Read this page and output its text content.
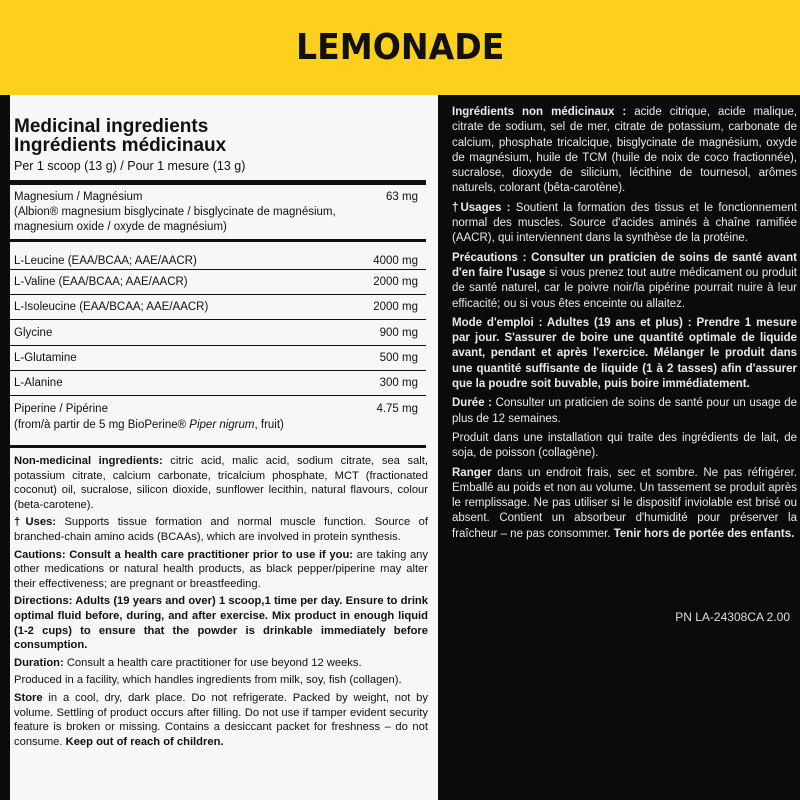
LEMONADE
Medicinal ingredients
Ingrédients médicinaux
Per 1 scoop (13 g) / Pour 1 mesure (13 g)
Magnesium / Magnésium	63 mg
(Albion® magnesium bisglycinate / bisglycinate de magnésium,
magnesium oxide / oxyde de magnésium)
L-Leucine (EAA/BCAA; AAE/AACR)	4000 mg
L-Valine (EAA/BCAA; AAE/AACR)	2000 mg
L-Isoleucine (EAA/BCAA; AAE/AACR)	2000 mg
Glycine	900 mg
L-Glutamine	500 mg
L-Alanine	300 mg
Piperine / Pipérine	4.75 mg
(from/à partir de 5 mg BioPerine® Piper nigrum , fruit)

Non-medicinal ingredients: citric acid, malic acid, sodium citrate, sea salt, potassium citrate, calcium carbonate, tricalcium phosphate, MCT (fractionated coconut) oil, sucralose, silicon dioxide, sunflower lecithin, natural flavours, colour (beta-carotene).

†Uses: Supports tissue formation and normal muscle function. Source of branched-chain amino acids (BCAAs), which are involved in protein synthesis.

Cautions: Consult a health care practitioner prior to use if you: are taking any other medications or natural health products, as black pepper/piperine may alter their effectiveness; are pregnant or breastfeeding.

Directions: Adults (19 years and over) 1 scoop,1 time per day. Ensure to drink optimal fluid before, during, and after exercise. Mix product in enough liquid (1-2 cups) to ensure that the powder is drinkable immediately before consumption.

Duration: Consult a health care practitioner for use beyond 12 weeks.

Produced in a facility, which handles ingredients from milk, soy, fish (collagen).

Store in a cool, dry, dark place. Do not refrigerate. Packed by weight, not by volume. Settling of product occurs after filling. Do not use if tamper evident security feature is broken or missing. Contains a desiccant packet for freshness – do not consume. Keep out of reach of children.

Ingrédients non médicinaux : acide citrique, acide malique, citrate de sodium, sel de mer, citrate de potassium, carbonate de calcium, phosphate tricalcique, bisglycinate de magnésium, oxyde de magnésium, huile de TCM (huile de noix de coco fractionnée), sucralose, dioxyde de silicium, lécithine de tournesol, arômes naturels, colorant (bêta-carotène).

†Usages : Soutient la formation des tissus et le fonctionnement normal des muscles. Source d'acides aminés à chaîne ramifiée (AACR), qui interviennent dans la synthèse de la protéine.

Précautions : Consulter un praticien de soins de santé avant d'en faire l'usage si vous prenez tout autre médicament ou produit de santé naturel, car le poivre noir/la pipérine pourrait nuire à leur efficacité; ou si vous êtes enceinte ou allaitez.

Mode d'emploi : Adultes (19 ans et plus) : Prendre 1 mesure par jour. S'assurer de boire une quantité optimale de liquide avant, pendant et après l'exercice. Mélanger le produit dans une quantité suffisante de liquide (1 à 2 tasses) afin d'assurer que la poudre soit buvable, puis boire immédiatement.

Durée : Consulter un praticien de soins de santé pour un usage de plus de 12 semaines.

Produit dans une installation qui traite des ingrédients de lait, de soja, de poisson (collagène).

Ranger dans un endroit frais, sec et sombre. Ne pas réfrigérer. Emballé au poids et non au volume. Un tassement se produit après le remplissage. Ne pas utiliser si le dispositif inviolable est brisé ou absent. Contient un absorbeur d'humidité pour préserver la fraîcheur – ne pas consommer. Tenir hors de portée des enfants.

PN LA-24308CA 2.00
